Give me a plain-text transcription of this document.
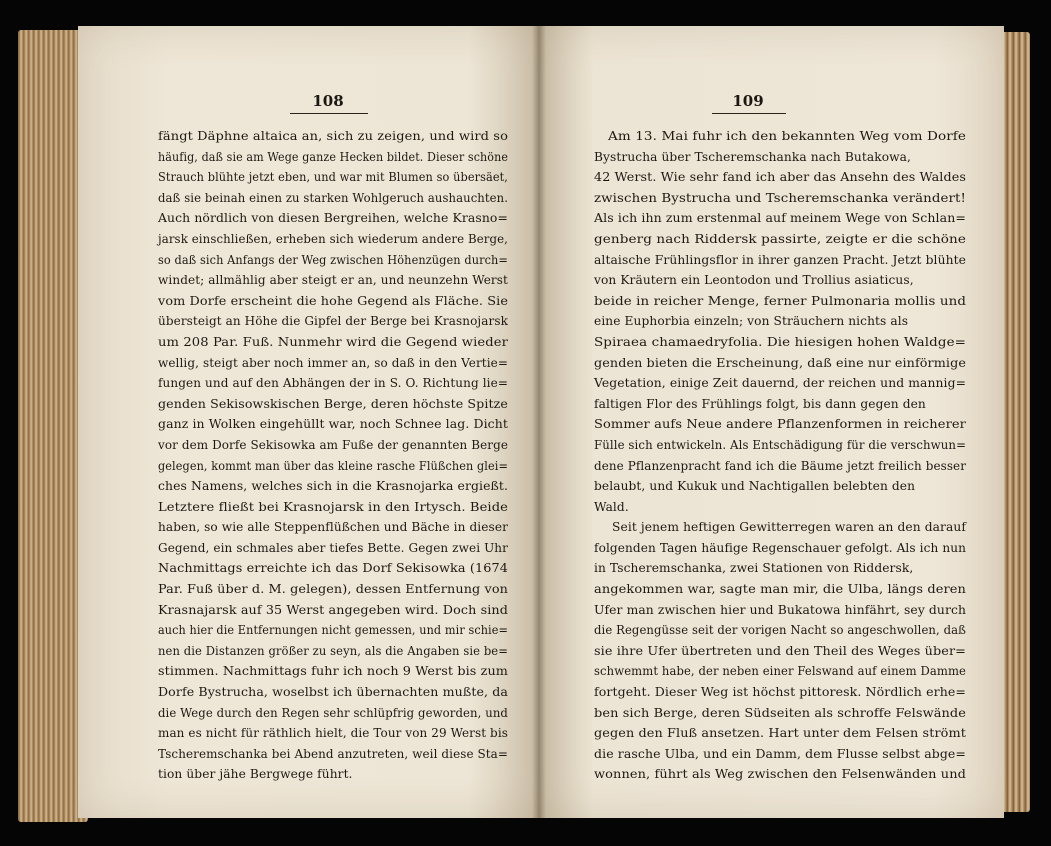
108
fängt Däphne altaica an, sich zu zeigen, und wird so
häufig, daß sie am Wege ganze Hecken bildet. Dieser schöne
Strauch blühte jetzt eben, und war mit Blumen so übersäet,
daß sie beinah einen zu starken Wohlgeruch aushauchten.
Auch nördlich von diesen Bergreihen, welche Krasno=
jarsk einschließen, erheben sich wiederum andere Berge,
so daß sich Anfangs der Weg zwischen Höhenzügen durch=
windet; allmählig aber steigt er an, und neunzehn Werst
vom Dorfe erscheint die hohe Gegend als Fläche. Sie
übersteigt an Höhe die Gipfel der Berge bei Krasnojarsk
um 208 Par. Fuß. Nunmehr wird die Gegend wieder
wellig, steigt aber noch immer an, so daß in den Vertie=
fungen und auf den Abhängen der in S. O. Richtung lie=
genden Sekisowskischen Berge, deren höchste Spitze
ganz in Wolken eingehüllt war, noch Schnee lag. Dicht
vor dem Dorfe Sekisowka am Fuße der genannten Berge
gelegen, kommt man über das kleine rasche Flüßchen glei=
ches Namens, welches sich in die Krasnojarka ergießt.
Letztere fließt bei Krasnojarsk in den Irtysch. Beide
haben, so wie alle Steppenflüßchen und Bäche in dieser
Gegend, ein schmales aber tiefes Bette. Gegen zwei Uhr
Nachmittags erreichte ich das Dorf Sekisowka (1674
Par. Fuß über d. M. gelegen), dessen Entfernung von
Krasnajarsk auf 35 Werst angegeben wird. Doch sind
auch hier die Entfernungen nicht gemessen, und mir schie=
nen die Distanzen größer zu seyn, als die Angaben sie be=
stimmen. Nachmittags fuhr ich noch 9 Werst bis zum
Dorfe Bystrucha, woselbst ich übernachten mußte, da
die Wege durch den Regen sehr schlüpfrig geworden, und
man es nicht für räthlich hielt, die Tour von 29 Werst bis
Tscheremschanka bei Abend anzutreten, weil diese Sta=
tion über jähe Bergwege führt.
109
Am 13. Mai fuhr ich den bekannten Weg vom Dorfe
Bystrucha über Tscheremschanka nach Butakowa,
42 Werst. Wie sehr fand ich aber das Ansehn des Waldes
zwischen Bystrucha und Tscheremschanka verändert!
Als ich ihn zum erstenmal auf meinem Wege von Schlan=
genberg nach Riddersk passirte, zeigte er die schöne
altaische Frühlingsflor in ihrer ganzen Pracht. Jetzt blühte
von Kräutern ein Leontodon und Trollius asiaticus,
beide in reicher Menge, ferner Pulmonaria mollis und
eine Euphorbia einzeln; von Sträuchern nichts als
Spiraea chamaedryfolia. Die hiesigen hohen Waldge=
genden bieten die Erscheinung, daß eine nur einförmige
Vegetation, einige Zeit dauernd, der reichen und mannig=
faltigen Flor des Frühlings folgt, bis dann gegen den
Sommer aufs Neue andere Pflanzenformen in reicherer
Fülle sich entwickeln. Als Entschädigung für die verschwun=
dene Pflanzenpracht fand ich die Bäume jetzt freilich besser
belaubt, und Kukuk und Nachtigallen belebten den
Wald.
Seit jenem heftigen Gewitterregen waren an den darauf
folgenden Tagen häufige Regenschauer gefolgt. Als ich nun
in Tscheremschanka, zwei Stationen von Riddersk,
angekommen war, sagte man mir, die Ulba, längs deren
Ufer man zwischen hier und Bukatowa hinfährt, sey durch
die Regengüsse seit der vorigen Nacht so angeschwollen, daß
sie ihre Ufer übertreten und den Theil des Weges über=
schwemmt habe, der neben einer Felswand auf einem Damme
fortgeht. Dieser Weg ist höchst pittoresk. Nördlich erhe=
ben sich Berge, deren Südseiten als schroffe Felswände
gegen den Fluß ansetzen. Hart unter dem Felsen strömt
die rasche Ulba, und ein Damm, dem Flusse selbst abge=
wonnen, führt als Weg zwischen den Felsenwänden und
